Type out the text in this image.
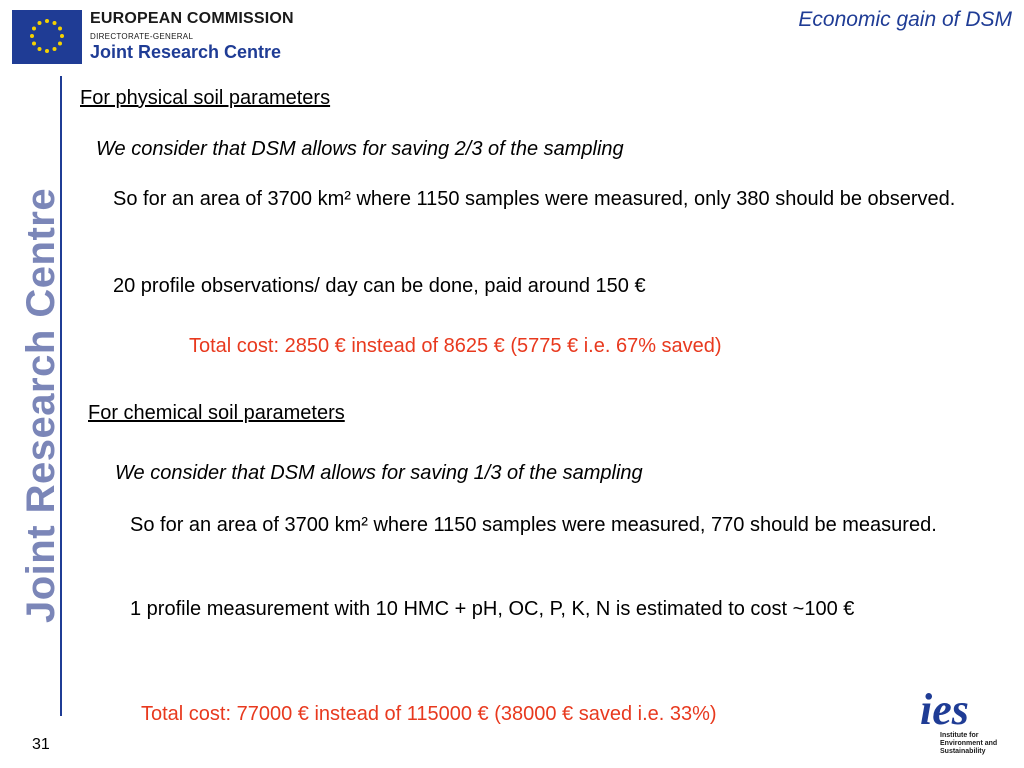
EUROPEAN COMMISSION
DIRECTORATE-GENERAL
Joint Research Centre
Economic gain of DSM
Joint Research Centre
For physical soil parameters
We consider that DSM allows for saving 2/3 of the sampling
So for an area of 3700 km² where 1150 samples were measured, only 380 should be observed.
20 profile observations/ day can be done, paid around 150 €
Total cost: 2850 € instead of 8625 € (5775 € i.e. 67% saved)
For chemical soil parameters
We consider that DSM allows for saving 1/3 of the sampling
So for an area of 3700 km² where 1150 samples were measured, 770 should be measured.
1 profile measurement with 10 HMC + pH, OC, P, K, N is estimated to cost ~100 €
Total cost: 77000 € instead of 115000 € (38000 € saved i.e. 33%)
31
ies
Institute for
Environment and
Sustainability
